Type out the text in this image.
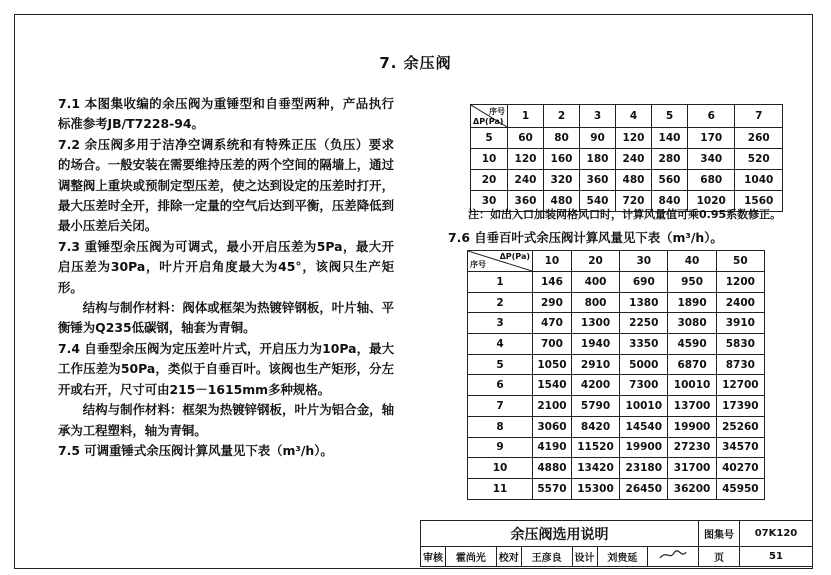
7. 余压阀

7.1 本图集收编的余压阀为重锤型和自垂型两种，产品执行标准参考JB/T7228-94。

7.2 余压阀多用于洁净空调系统和有特殊正压（负压）要求的场合。一般安装在需要维持压差的两个空间的隔墙上，通过调整阀上重块或预制定型压差，使之达到设定的压差时打开，最大压差时全开，排除一定量的空气后达到平衡，压差降低到最小压差后关闭。

7.3 重锤型余压阀为可调式，最小开启压差为5Pa，最大开启压差为30Pa，叶片开启角度最大为45°，该阀只生产矩形。

结构与制作材料：阀体或框架为热镀锌钢板，叶片轴、平衡锤为Q235低碳钢，轴套为青铜。

7.4 自垂型余压阀为定压差叶片式，开启压力为10Pa，最大工作压差为50Pa，类似于自垂百叶。该阀也生产矩形，分左开或右开，尺寸可由215－1615mm多种规格。

结构与制作材料：框架为热镀锌钢板，叶片为铝合金，轴承为工程塑料，轴为青铜。

7.5 可调重锤式余压阀计算风量见下表（m³/h）。

序号
ΔP(Pa)	1	2	3	4	5	6	7
5	60	80	90	120	140	170	260
10	120	160	180	240	280	340	520
20	240	320	360	480	560	680	1040
30	360	480	540	720	840	1020	1560
注：如出入口加装网格风口时，计算风量值可乘0.95系数修正。
7.6 自垂百叶式余压阀计算风量见下表（m³/h）。
ΔP(Pa)
序号	10	20	30	40	50
1	146	400	690	950	1200
2	290	800	1380	1890	2400
3	470	1300	2250	3080	3910
4	700	1940	3350	4590	5830
5	1050	2910	5000	6870	8730
6	1540	4200	7300	10010	12700
7	2100	5790	10010	13700	17390
8	3060	8420	14540	19900	25260
9	4190	11520	19900	27230	34570
10	4880	13420	23180	31700	40270
11	5570	15300	26450	36200	45950
余压阀选用说明							图集号	07K120
审核	霍尚光	校对	王彦良	设计	刘贵延		页	51
